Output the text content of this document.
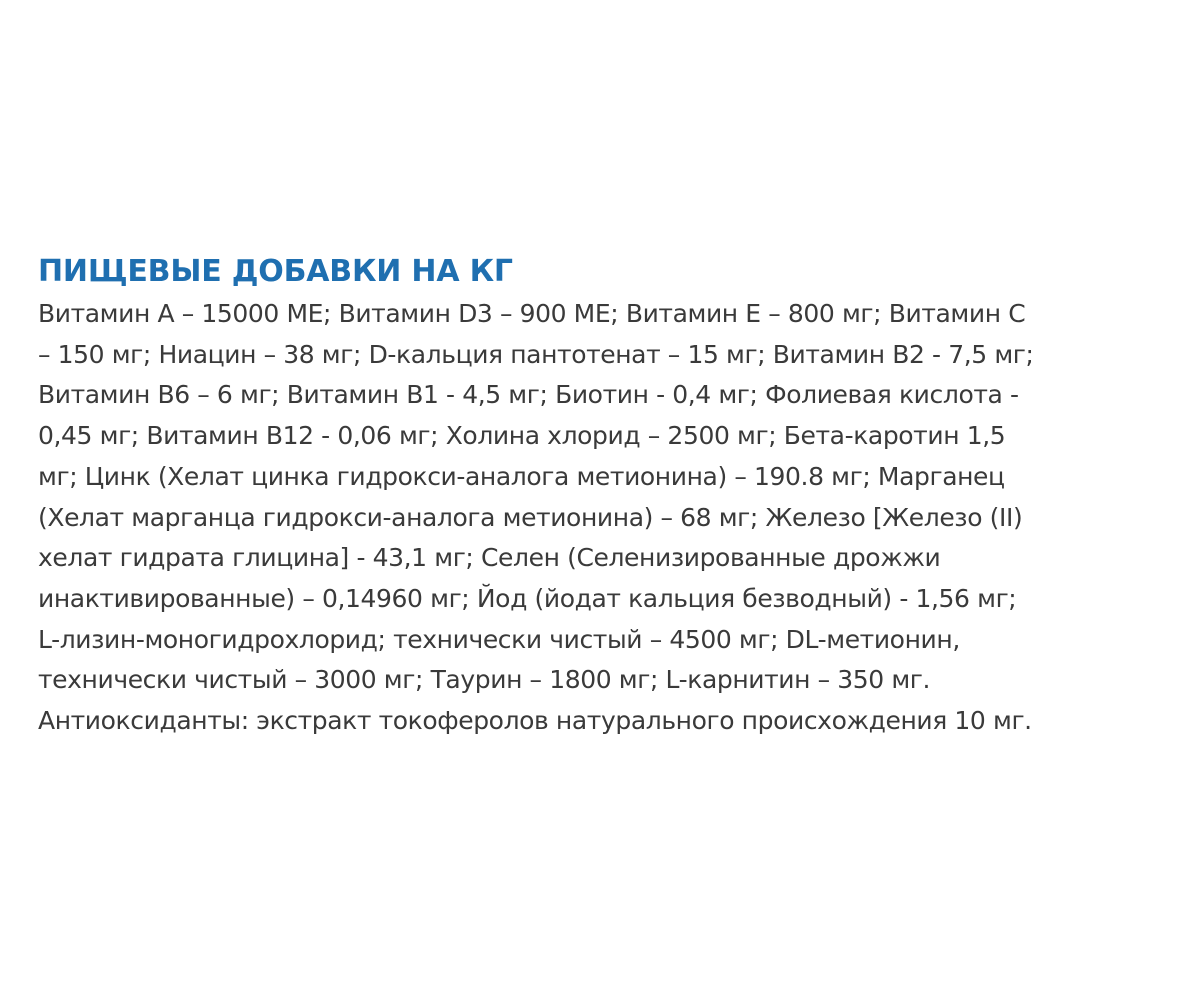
ПИЩЕВЫЕ ДОБАВКИ НА КГ

Витамин А – 15000 МЕ; Витамин D3 – 900 МЕ; Витамин Е – 800 мг; Витамин С

– 150 мг; Ниацин – 38 мг; D-кальция пантотенат – 15 мг; Витамин В2 - 7,5 мг;

Витамин В6 – 6 мг; Витамин В1 - 4,5 мг; Биотин - 0,4 мг; Фолиевая кислота -

0,45 мг; Витамин В12 - 0,06 мг; Холина хлорид – 2500 мг; Бета-каротин 1,5

мг; Цинк (Хелат цинка гидрокси-аналога метионина) – 190.8 мг; Марганец

(Хелат марганца гидрокси-аналога метионина) – 68 мг; Железо [Железо (II)

хелат гидрата глицина] - 43,1 мг; Селен (Селенизированные дрожжи

инактивированные) – 0,14960 мг; Йод (йодат кальция безводный) - 1,56 мг;

L-лизин-моногидрохлорид; технически чистый – 4500 мг; DL-метионин,

технически чистый – 3000 мг; Таурин – 1800 мг; L-карнитин – 350 мг.

Антиоксиданты: экстракт токоферолов натурального происхождения 10 мг.
